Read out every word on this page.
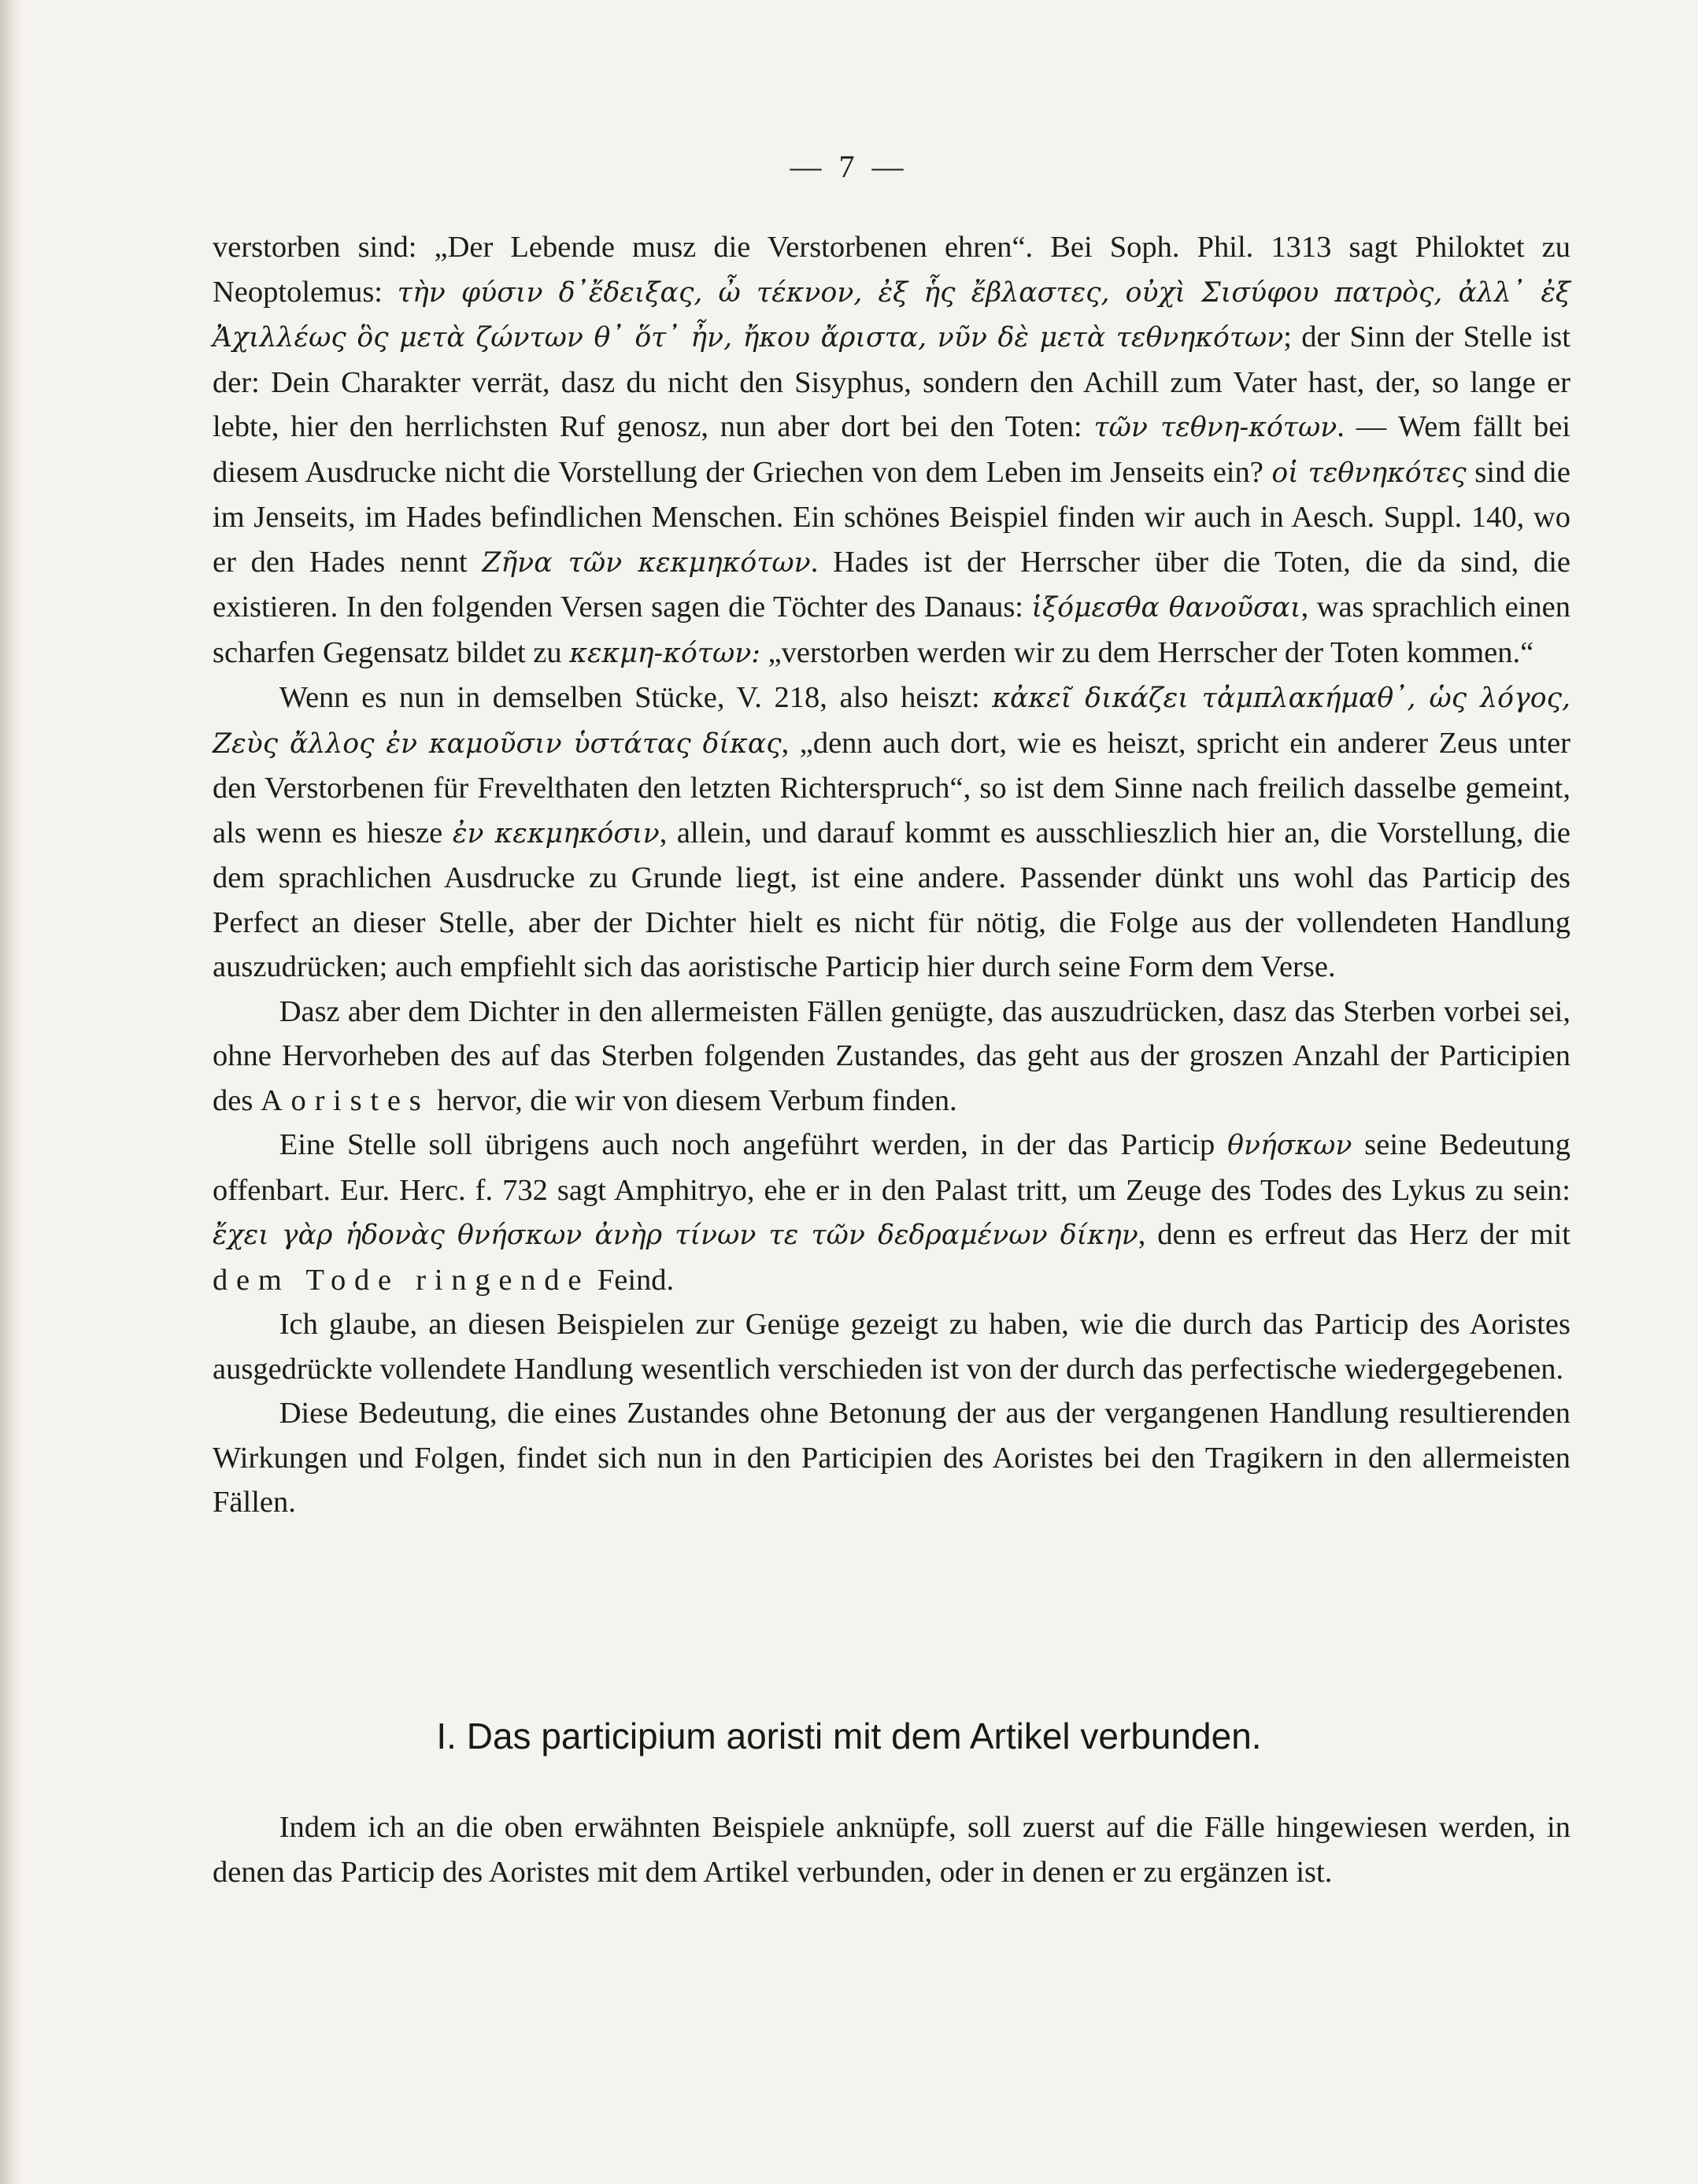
— 7 —

verstorben sind: „Der Lebende musz die Verstorbenen ehren“. Bei Soph. Phil. 1313 sagt Philoktet zu Neoptolemus: τὴν φύσιν δ᾽ἔδειξας, ὦ τέκνον, ἐξ ἧς ἔβλαστες, οὐχὶ Σισύφου πατρὸς, ἀλλ᾽ ἐξ Ἀχιλλέως ὃς μετὰ ζώντων θ᾽ ὅτ᾽ ἦν, ἤκου ἄριστα, νῦν δὲ μετὰ τεθνηκότων; der Sinn der Stelle ist der: Dein Charakter verrät, dasz du nicht den Sisyphus, sondern den Achill zum Vater hast, der, so lange er lebte, hier den herrlichsten Ruf genosz, nun aber dort bei den Toten: τῶν τεθνη-κότων. — Wem fällt bei diesem Ausdrucke nicht die Vorstellung der Griechen von dem Leben im Jenseits ein? οἱ τεθνηκότες sind die im Jenseits, im Hades befindlichen Menschen. Ein schönes Beispiel finden wir auch in Aesch. Suppl. 140, wo er den Hades nennt Ζῆνα τῶν κεκμηκότων. Hades ist der Herrscher über die Toten, die da sind, die existieren. In den folgenden Versen sagen die Töchter des Danaus: ἱξόμεσθα θανοῦσαι, was sprachlich einen scharfen Gegensatz bildet zu κεκμη-κότων: „verstorben werden wir zu dem Herrscher der Toten kommen.“

Wenn es nun in demselben Stücke, V. 218, also heiszt: κἀκεῖ δικάζει τἀμπλακήμαθ᾽, ὡς λόγος, Ζεὺς ἄλλος ἐν καμοῦσιν ὑστάτας δίκας, „denn auch dort, wie es heiszt, spricht ein anderer Zeus unter den Verstorbenen für Frevelthaten den letzten Richterspruch“, so ist dem Sinne nach freilich dasselbe gemeint, als wenn es hiesze ἐν κεκμηκόσιν, allein, und darauf kommt es ausschlieszlich hier an, die Vorstellung, die dem sprachlichen Ausdrucke zu Grunde liegt, ist eine andere. Passender dünkt uns wohl das Particip des Perfect an dieser Stelle, aber der Dichter hielt es nicht für nötig, die Folge aus der vollendeten Handlung auszudrücken; auch empfiehlt sich das aoristische Particip hier durch seine Form dem Verse.

Dasz aber dem Dichter in den allermeisten Fällen genügte, das auszudrücken, dasz das Sterben vorbei sei, ohne Hervorheben des auf das Sterben folgenden Zustandes, das geht aus der groszen Anzahl der Participien des Aoristes hervor, die wir von diesem Verbum finden.

Eine Stelle soll übrigens auch noch angeführt werden, in der das Particip θνήσκων seine Bedeutung offenbart. Eur. Herc. f. 732 sagt Amphitryo, ehe er in den Palast tritt, um Zeuge des Todes des Lykus zu sein: ἔχει γὰρ ἡδονὰς θνήσκων ἀνὴρ τίνων τε τῶν δεδραμένων δίκην, denn es erfreut das Herz der mit dem Tode ringende Feind.

Ich glaube, an diesen Beispielen zur Genüge gezeigt zu haben, wie die durch das Particip des Aoristes ausgedrückte vollendete Handlung wesentlich verschieden ist von der durch das perfectische wiedergegebenen.

Diese Bedeutung, die eines Zustandes ohne Betonung der aus der vergangenen Handlung resultierenden Wirkungen und Folgen, findet sich nun in den Participien des Aoristes bei den Tragikern in den allermeisten Fällen.

I. Das participium aoristi mit dem Artikel verbunden.

Indem ich an die oben erwähnten Beispiele anknüpfe, soll zuerst auf die Fälle hingewiesen werden, in denen das Particip des Aoristes mit dem Artikel verbunden, oder in denen er zu ergänzen ist.
